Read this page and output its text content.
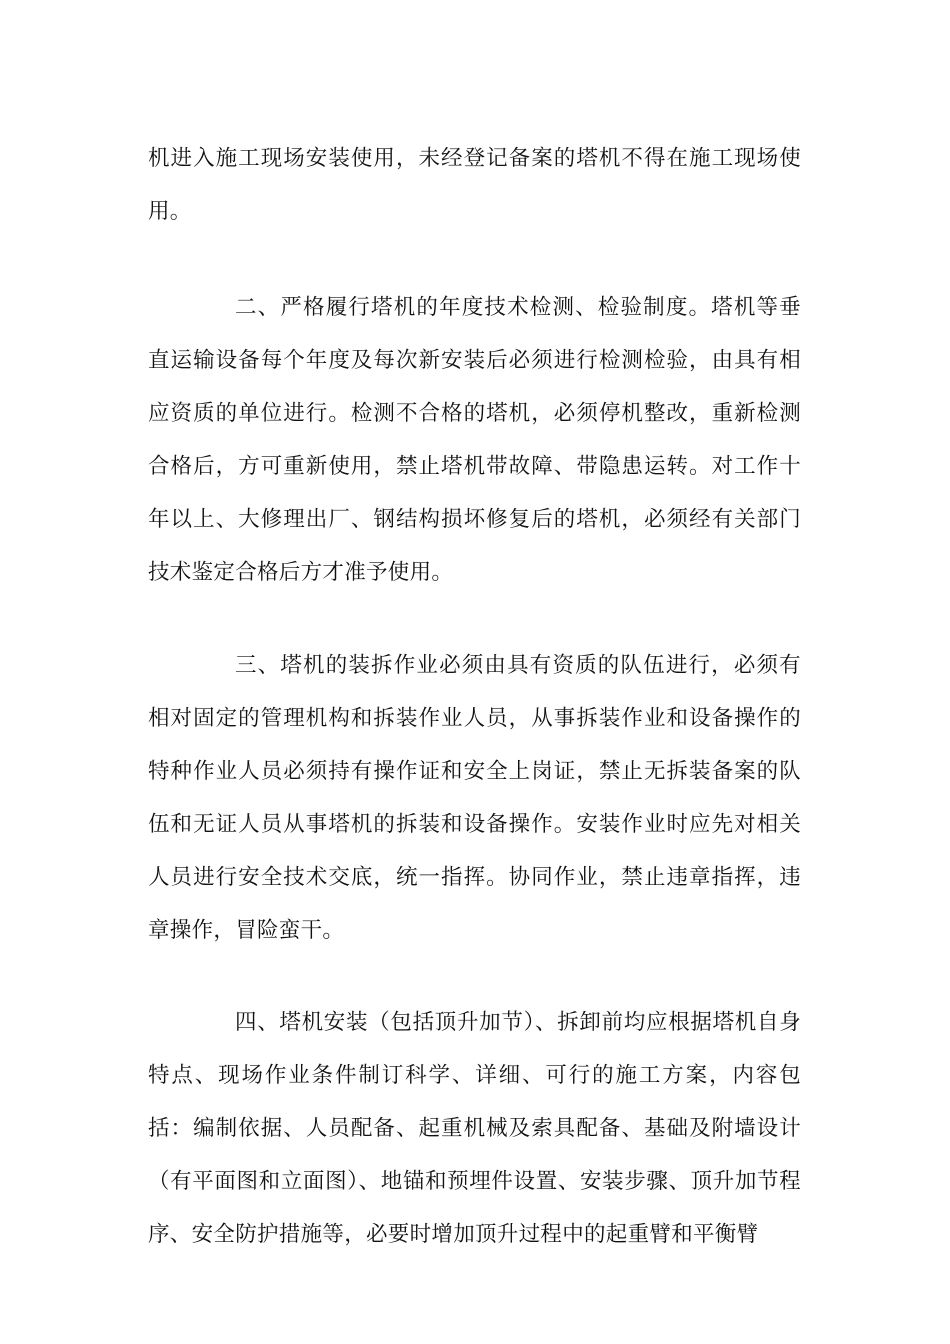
机进入施工现场安装使用，未经登记备案的塔机不得在施工现场使用。

二、严格履行塔机的年度技术检测、检验制度。塔机等垂直运输设备每个年度及每次新安装后必须进行检测检验，由具有相应资质的单位进行。检测不合格的塔机，必须停机整改，重新检测合格后，方可重新使用，禁止塔机带故障、带隐患运转。对工作十年以上、大修理出厂、钢结构损坏修复后的塔机，必须经有关部门技术鉴定合格后方才准予使用。

三、塔机的装拆作业必须由具有资质的队伍进行，必须有相对固定的管理机构和拆装作业人员，从事拆装作业和设备操作的特种作业人员必须持有操作证和安全上岗证，禁止无拆装备案的队伍和无证人员从事塔机的拆装和设备操作。安装作业时应先对相关人员进行安全技术交底，统一指挥。协同作业，禁止违章指挥，违章操作，冒险蛮干。

四、塔机安装（包括顶升加节）、拆卸前均应根据塔机自身特点、现场作业条件制订科学、详细、可行的施工方案，内容包括：编制依据、人员配备、起重机械及索具配备、基础及附墙设计（有平面图和立面图）、地锚和预埋件设置、安装步骤、顶升加节程序、安全防护措施等，必要时增加顶升过程中的起重臂和平衡臂
